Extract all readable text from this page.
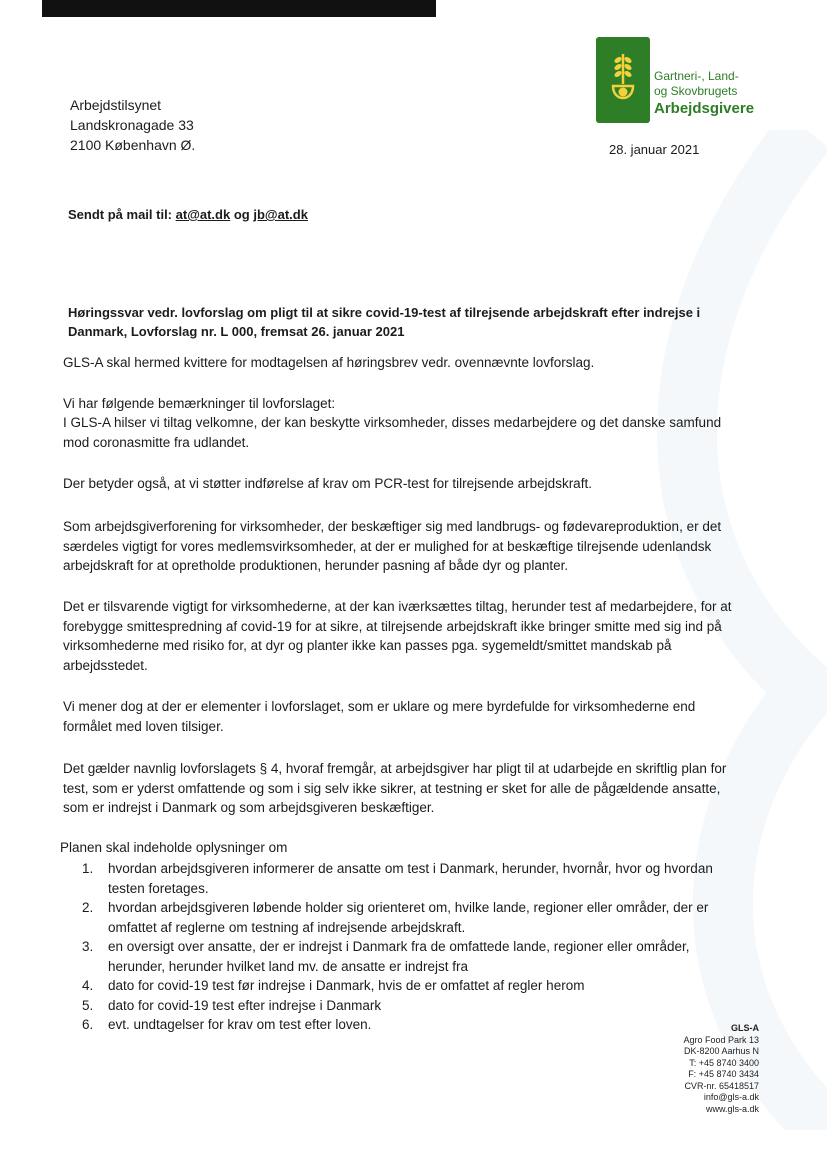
Gartneri-, Land-
og Skovbrugets
Arbejdsgivere
Arbejdstilsynet
Landskronagade 33
2100 København Ø.	28. januar 2021
Sendt på mail til: at@at.dk og jb@at.dk
Høringssvar vedr. lovforslag om pligt til at sikre covid-19-test af tilrejsende arbejdskraft efter indrejse i Danmark, Lovforslag nr. L 000, fremsat 26. januar 2021
GLS-A skal hermed kvittere for modtagelsen af høringsbrev vedr. ovennævnte lovforslag.
Vi har følgende bemærkninger til lovforslaget:
I GLS-A hilser vi tiltag velkomne, der kan beskytte virksomheder, disses medarbejdere og det danske samfund mod coronasmitte fra udlandet.
Der betyder også, at vi støtter indførelse af krav om PCR-test for tilrejsende arbejdskraft.
Som arbejdsgiverforening for virksomheder, der beskæftiger sig med landbrugs- og fødevareproduktion, er det særdeles vigtigt for vores medlemsvirksomheder, at der er mulighed for at beskæftige tilrejsende udenlandsk arbejdskraft for at opretholde produktionen, herunder pasning af både dyr og planter.
Det er tilsvarende vigtigt for virksomhederne, at der kan iværksættes tiltag, herunder test af medarbejdere, for at forebygge smittespredning af covid-19 for at sikre, at tilrejsende arbejdskraft ikke bringer smitte med sig ind på virksomhederne med risiko for, at dyr og planter ikke kan passes pga. sygemeldt/smittet mandskab på arbejdsstedet.
Vi mener dog at der er elementer i lovforslaget, som er uklare og mere byrdefulde for virksomhederne end formålet med loven tilsiger.
Det gælder navnlig lovforslagets § 4, hvoraf fremgår, at arbejdsgiver har pligt til at udarbejde en skriftlig plan for test, som er yderst omfattende og som i sig selv ikke sikrer, at testning er sket for alle de pågældende ansatte, som er indrejst i Danmark og som arbejdsgiveren beskæftiger.
Planen skal indeholde oplysninger om
1. hvordan arbejdsgiveren informerer de ansatte om test i Danmark, herunder, hvornår, hvor og hvordan testen foretages.
2. hvordan arbejdsgiveren løbende holder sig orienteret om, hvilke lande, regioner eller områder, der er omfattet af reglerne om testning af indrejsende arbejdskraft.
3. en oversigt over ansatte, der er indrejst i Danmark fra de omfattede lande, regioner eller områder, herunder, herunder hvilket land mv. de ansatte er indrejst fra
4. dato for covid-19 test før indrejse i Danmark, hvis de er omfattet af regler herom
5. dato for covid-19 test efter indrejse i Danmark
6. evt. undtagelser for krav om test efter loven.	GLS-A
Agro Food Park 13
DK-8200 Aarhus N
T: +45 8740 3400
F: +45 8740 3434
CVR-nr. 65418517
info@gls-a.dk
www.gls-a.dk
